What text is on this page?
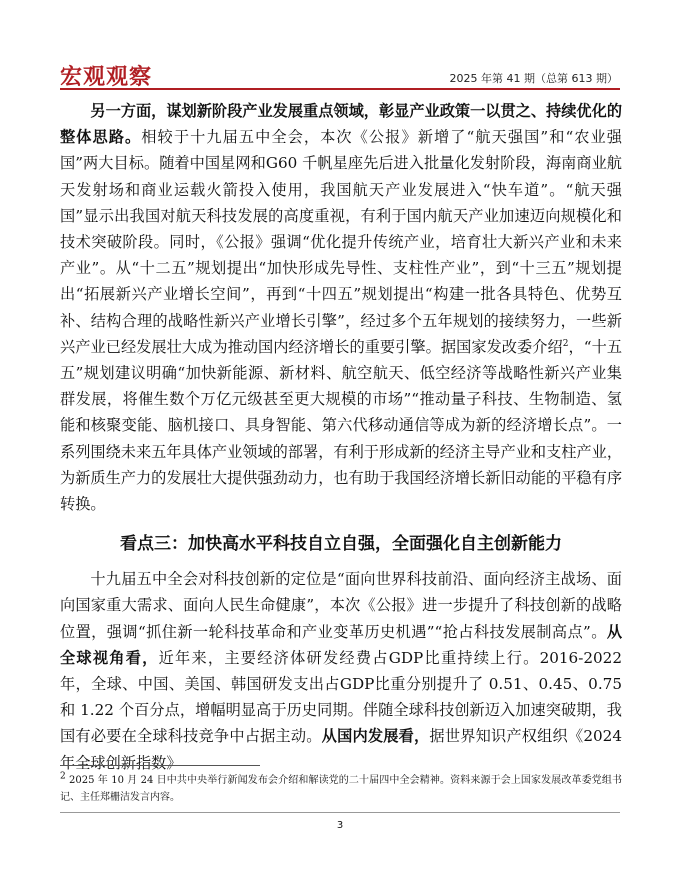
宏观观察	2025 年第 41 期（总第 613 期）

另一方面，谋划新阶段产业发展重点领域，彰显产业政策一以贯之、持续优化的整体思路。相较于十九届五中全会，本次《公报》新增了“航天强国”和“农业强国”两大目标。随着中国星网和G60 千帆星座先后进入批量化发射阶段，海南商业航天发射场和商业运载火箭投入使用，我国航天产业发展进入“快车道”。“航天强国”显示出我国对航天科技发展的高度重视，有利于国内航天产业加速迈向规模化和技术突破阶段。同时，《公报》强调“优化提升传统产业，培育壮大新兴产业和未来产业”。从“十二五”规划提出“加快形成先导性、支柱性产业”，到“十三五”规划提出“拓展新兴产业增长空间”，再到“十四五”规划提出“构建一批各具特色、优势互补、结构合理的战略性新兴产业增长引擎”，经过多个五年规划的接续努力，一些新兴产业已经发展壮大成为推动国内经济增长的重要引擎。据国家发改委介绍$^2$，“十五五”规划建议明确“加快新能源、新材料、航空航天、低空经济等战略性新兴产业集群发展，将催生数个万亿元级甚至更大规模的市场”“推动量子科技、生物制造、氢能和核聚变能、脑机接口、具身智能、第六代移动通信等成为新的经济增长点”。一系列围绕未来五年具体产业领域的部署，有利于形成新的经济主导产业和支柱产业，为新质生产力的发展壮大提供强劲动力，也有助于我国经济增长新旧动能的平稳有序转换。

看点三：加快高水平科技自立自强，全面强化自主创新能力

十九届五中全会对科技创新的定位是“面向世界科技前沿、面向经济主战场、面向国家重大需求、面向人民生命健康”，本次《公报》进一步提升了科技创新的战略位置，强调“抓住新一轮科技革命和产业变革历史机遇”“抢占科技发展制高点”。从全球视角看，近年来，主要经济体研发经费占GDP比重持续上行。2016-2022 年，全球、中国、美国、韩国研发支出占GDP比重分别提升了 0.51、0.45、0.75 和 1.22 个百分点，增幅明显高于历史同期。伴随全球科技创新迈入加速突破期，我国有必要在全球科技竞争中占据主动。从国内发展看，据世界知识产权组织《2024 年全球创新指数》

$^2$ 2025 年 10 月 24 日中共中央举行新闻发布会介绍和解读党的二十届四中全会精神。资料来源于会上国家发展改革委党组书记、主任郑栅洁发言内容。
3
